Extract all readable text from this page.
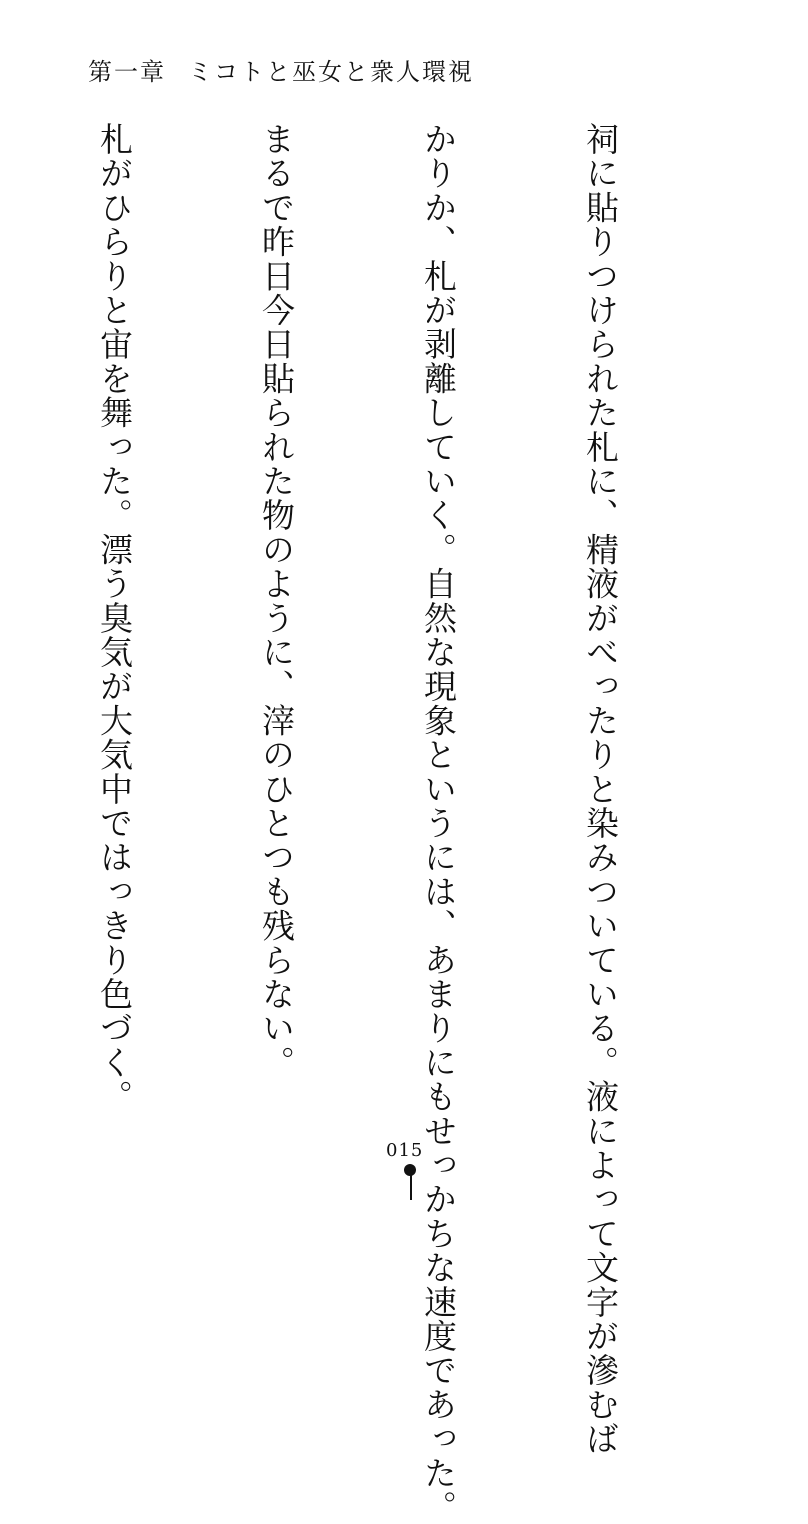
第一章 ミコトと巫女と衆人環視

祠に貼りつけられた札に、精液がべったりと染みついている。液によって文字が滲むば

かりか、札が剥離していく。自然な現象というには、あまりにもせっかちな速度であった。

まるで昨日今日貼られた物のように、滓のひとつも残らない。

札がひらりと宙を舞った。漂う臭気が大気中ではっきり色づく。

015
